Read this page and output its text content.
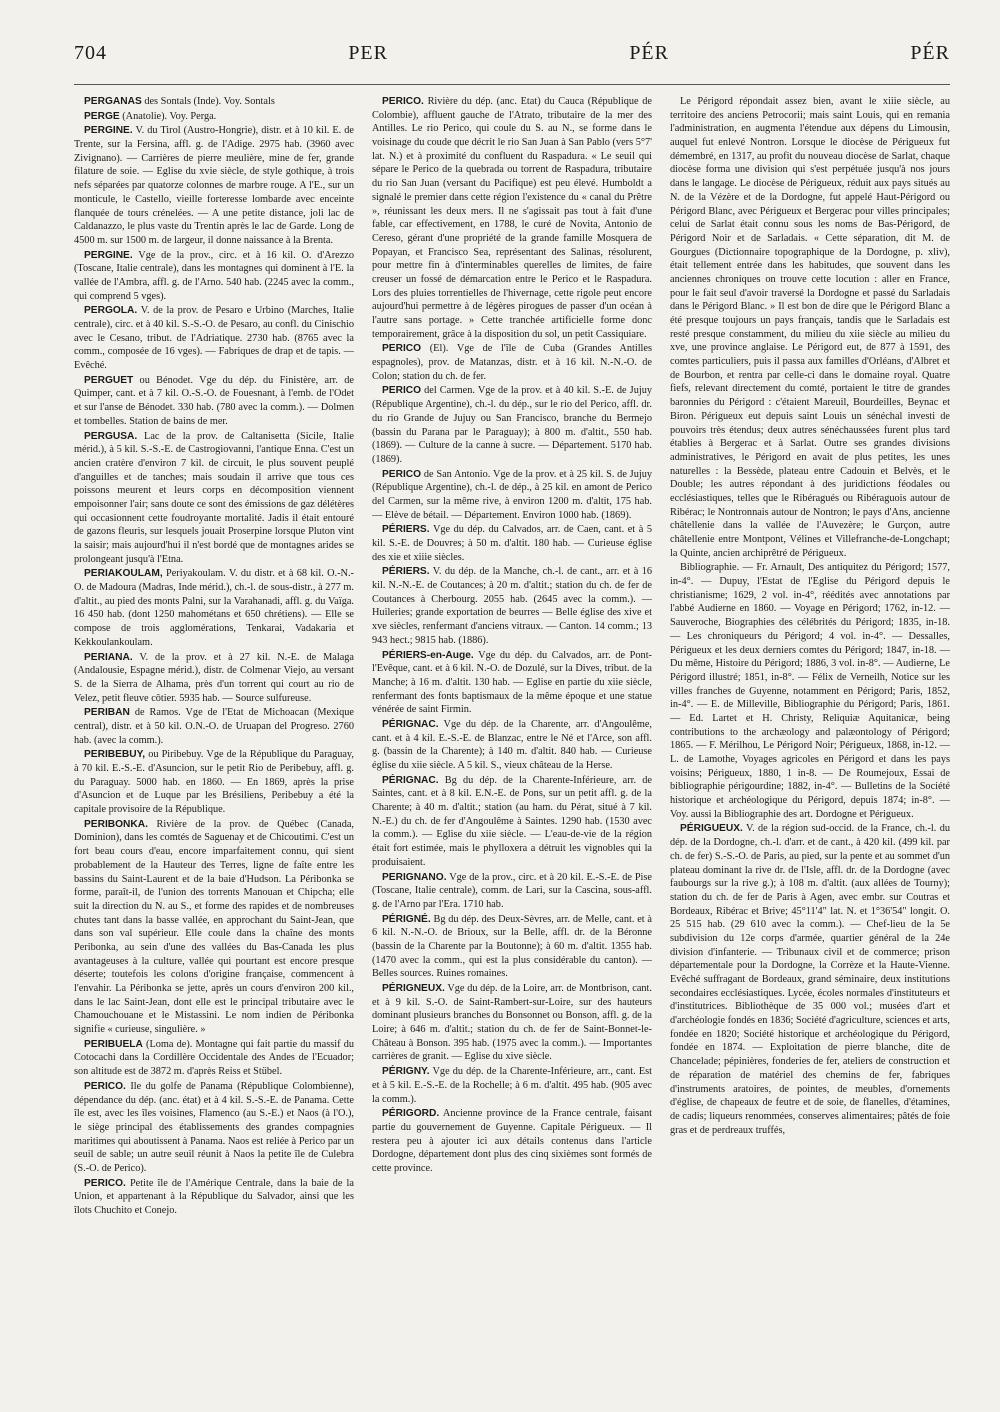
704	PER	PÉR	PÉR

PERGANAS des Sontals (Inde). Voy. Sontals

PERGE (Anatolie). Voy. Perga.

PERGINE. V. du Tirol (Austro-Hongrie), distr. et à 10 kil. E. de Trente, sur la Fersina, affl. g. de l'Adige. 2975 hab. (3960 avec Zivignano). — Carrières de pierre meulière, mine de fer, grande filature de soie. — Eglise du xvie siècle, de style gothique, à trois nefs séparées par quatorze colonnes de marbre rouge. A l'E., sur un monticule, le Castello, vieille forteresse lombarde avec enceinte flanquée de tours crénelées. — A une petite distance, joli lac de Caldanazzo, le plus vaste du Trentin après le lac de Garde. Long de 4500 m. sur 1500 m. de largeur, il donne naissance à la Brenta.

PERGINE. Vge de la prov., circ. et à 16 kil. O. d'Arezzo (Toscane, Italie centrale), dans les montagnes qui dominent à l'E. la vallée de l'Ambra, affl. g. de l'Arno. 540 hab. (2245 avec la comm., qui comprend 5 vges).

PERGOLA. V. de la prov. de Pesaro e Urbino (Marches, Italie centrale), circ. et à 40 kil. S.-S.-O. de Pesaro, au confl. du Cinischio avec le Cesano, tribut. de l'Adriatique. 2730 hab. (8765 avec la comm., composée de 16 vges). — Fabriques de drap et de tapis. — Evêché.

PERGUET ou Bénodet. Vge du dép. du Finistère, arr. de Quimper, cant. et à 7 kil. O.-S.-O. de Fouesnant, à l'emb. de l'Odet et sur l'anse de Bénodet. 330 hab. (780 avec la comm.). — Dolmen et tombelles. Station de bains de mer.

PERGUSA. Lac de la prov. de Caltanisetta (Sicile, Italie mérid.), à 5 kil. S.-S.-E. de Castrogiovanni, l'antique Enna. C'est un ancien cratère d'environ 7 kil. de circuit, le plus souvent peuplé d'anguilles et de tanches; mais soudain il arrive que tous ces poissons meurent et leurs corps en décomposition viennent empoisonner l'air; sans doute ce sont des émissions de gaz délétères qui occasionnent cette foudroyante mortalité. Jadis il était entouré de gazons fleuris, sur lesquels jouait Proserpine lorsque Pluton vint la saisir; mais aujourd'hui il n'est bordé que de montagnes arides se prolongeant jusqu'à l'Etna.

PERIAKOULAM, Periyakoulam. V. du distr. et à 68 kil. O.-N.-O. de Madoura (Madras, Inde mérid.), ch.-l. de sous-distr., à 277 m. d'altit., au pied des monts Palni, sur la Varahanadi, affl. g. du Vaïga. 16 450 hab. (dont 1250 mahométans et 650 chrétiens). — Elle se compose de trois agglomérations, Tenkarai, Vadakaria et Kekkoulankoulam.

PERIANA. V. de la prov. et à 27 kil. N.-E. de Malaga (Andalousie, Espagne mérid.), distr. de Colmenar Viejo, au versant S. de la Sierra de Alhama, près d'un torrent qui court au rio de Velez, petit fleuve côtier. 5935 hab. — Source sulfureuse.

PERIBAN de Ramos. Vge de l'Etat de Michoacan (Mexique central), distr. et à 50 kil. O.N.-O. de Uruapan del Progreso. 2760 hab. (avec la comm.).

PERIBEBUY, ou Piribebuy. Vge de la République du Paraguay, à 70 kil. E.-S.-E. d'Asuncion, sur le petit Rio de Peribebuy, affl. g. du Paraguay. 5000 hab. en 1860. — En 1869, après la prise d'Asuncion et de Luque par les Brésiliens, Peribebuy a été la capitale provisoire de la République.

PERIBONKA. Rivière de la prov. de Québec (Canada, Dominion), dans les comtés de Saguenay et de Chicoutimi. C'est un fort beau cours d'eau, encore imparfaitement connu, qui sient probablement de la Hauteur des Terres, ligne de faîte entre les bassins du Saint-Laurent et de la baie d'Hudson. La Péribonka se forme, paraît-il, de l'union des torrents Manouan et Chipcha; elle suit la direction du N. au S., et forme des rapides et de nombreuses chutes tant dans la basse vallée, en approchant du Saint-Jean, que dans son val supérieur. Elle coule dans la chaîne des monts Peribonka, au sein d'une des vallées du Bas-Canada les plus avantageuses à la culture, vallée qui pourtant est encore presque déserte; toutefois les colons d'origine française, commencent à l'envahir. La Péribonka se jette, après un cours d'environ 200 kil., dans le lac Saint-Jean, dont elle est le principal tributaire avec le Chamouchouane et le Mistassini. Le nom indien de Péribonka signifie « curieuse, singulière. »

PERIBUELA (Loma de). Montagne qui fait partie du massif du Cotocachi dans la Cordillère Occidentale des Andes de l'Ecuador; son altitude est de 3872 m. d'après Reiss et Stübel.

PERICO. Ile du golfe de Panama (République Colombienne), dépendance du dép. (anc. état) et à 4 kil. S.-S.-E. de Panama. Cette île est, avec les îles voisines, Flamenco (au S.-E.) et Naos (à l'O.), le siège principal des établissements des grandes compagnies maritimes qui aboutissent à Panama. Naos est reliée à Perico par un seuil de sable; un autre seuil réunit à Naos la petite île de Culebra (S.-O. de Perico).

PERICO. Petite île de l'Amérique Centrale, dans la baie de la Union, et appartenant à la République du Salvador, ainsi que les îlots Chuchito et Conejo.

PERICO. Rivière du dép. (anc. Etat) du Cauca (République de Colombie), affluent gauche de l'Atrato, tributaire de la mer des Antilles. Le rio Perico, qui coule du S. au N., se forme dans le voisinage du coude que décrit le rio San Juan à San Pablo (vers 5°7' lat. N.) et à proximité du confluent du Raspadura. « Le seuil qui sépare le Perico de la quebrada ou torrent de Raspadura, tributaire du rio San Juan (versant du Pacifique) est peu élevé. Humboldt a signalé le premier dans cette région l'existence du « canal du Prêtre », réunissant les deux mers. Il ne s'agissait pas tout à fait d'une fable, car effectivement, en 1788, le curé de Novita, Antonio de Cereso, gérant d'une propriété de la grande famille Mosquera de Popayan, et Francisco Sea, représentant des Salinas, résolurent, pour mettre fin à d'interminables querelles de limites, de faire creuser un fossé de démarcation entre le Perico et le Raspadura. Lors des pluies torrentielles de l'hivernage, cette rigole peut encore aujourd'hui permettre à de légères pirogues de passer d'un océan à l'autre sans portage. » Cette tranchée artificielle forme donc temporairement, grâce à la disposition du sol, un petit Cassiquiare.

PERICO (El). Vge de l'île de Cuba (Grandes Antilles espagnoles), prov. de Matanzas, distr. et à 16 kil. N.-N.-O. de Colon; station du ch. de fer.

PERICO del Carmen. Vge de la prov. et à 40 kil. S.-E. de Jujuy (République Argentine), ch.-l. du dép., sur le rio del Perico, affl. dr. du rio Grande de Jujuy ou San Francisco, branche du Bermejo (bassin du Parana par le Paraguay); à 800 m. d'altit., 550 hab. (1869). — Culture de la canne à sucre. — Département. 5170 hab. (1869).

PERICO de San Antonio. Vge de la prov. et à 25 kil. S. de Jujuy (République Argentine), ch.-l. de dép., à 25 kil. en amont de Perico del Carmen, sur la même rive, à environ 1200 m. d'altit, 175 hab. — Elève de bétail. — Département. Environ 1000 hab. (1869).

PÉRIERS. Vge du dép. du Calvados, arr. de Caen, cant. et à 5 kil. S.-E. de Douvres; à 50 m. d'altit. 180 hab. — Curieuse église des xie et xiiie siècles.

PÉRIERS. V. du dép. de la Manche, ch.-l. de cant., arr. et à 16 kil. N.-N.-E. de Coutances; à 20 m. d'altit.; station du ch. de fer de Coutances à Cherbourg. 2055 hab. (2645 avec la comm.). — Huileries; grande exportation de beurres — Belle église des xive et xve siècles, renfermant d'anciens vitraux. — Canton. 14 comm.; 13 943 hect.; 9815 hab. (1886).

PÉRIERS-en-Auge. Vge du dép. du Calvados, arr. de Pont-l'Evêque, cant. et à 6 kil. N.-O. de Dozulé, sur la Dives, tribut. de la Manche; à 16 m. d'altit. 130 hab. — Eglise en partie du xiie siècle, renfermant des fonts baptismaux de la même époque et une statue vénérée de saint Firmin.

PÉRIGNAC. Vge du dép. de la Charente, arr. d'Angoulême, cant. et à 4 kil. E.-S.-E. de Blanzac, entre le Né et l'Arce, son affl. g. (bassin de la Charente); à 140 m. d'altit. 840 hab. — Curieuse église du xiie siècle. A 5 kil. S., vieux château de la Herse.

PÉRIGNAC. Bg du dép. de la Charente-Inférieure, arr. de Saintes, cant. et à 8 kil. E.N.-E. de Pons, sur un petit affl. g. de la Charente; à 40 m. d'altit.; station (au ham. du Pérat, situé à 7 kil. N.-E.) du ch. de fer d'Angoulême à Saintes. 1290 hab. (1530 avec la comm.). — Eglise du xiie siècle. — L'eau-de-vie de la région était fort estimée, mais le phylloxera a détruit les vignobles qui la produisaient.

PERIGNANO. Vge de la prov., circ. et à 20 kil. E.-S.-E. de Pise (Toscane, Italie centrale), comm. de Lari, sur la Cascina, sous-affl. g. de l'Arno par l'Era. 1710 hab.

PÉRIGNÉ. Bg du dép. des Deux-Sèvres, arr. de Melle, cant. et à 6 kil. N.-N.-O. de Brioux, sur la Belle, affl. dr. de la Béronne (bassin de la Charente par la Boutonne); à 60 m. d'altit. 1355 hab. (1470 avec la comm., qui est la plus considérable du canton). — Belles sources. Ruines romaines.

PÉRIGNEUX. Vge du dép. de la Loire, arr. de Montbrison, cant. et à 9 kil. S.-O. de Saint-Rambert-sur-Loire, sur des hauteurs dominant plusieurs branches du Bonsonnet ou Bonson, affl. g. de la Loire; à 646 m. d'altit.; station du ch. de fer de Saint-Bonnet-le-Château à Bonson. 395 hab. (1975 avec la comm.). — Importantes carrières de granit. — Eglise du xive siècle.

PÉRIGNY. Vge du dép. de la Charente-Inférieure, arr., cant. Est et à 5 kil. E.-S.-E. de la Rochelle; à 6 m. d'altit. 495 hab. (905 avec la comm.).

PÉRIGORD. Ancienne province de la France centrale, faisant partie du gouvernement de Guyenne. Capitale Périgueux. — Il restera peu à ajouter ici aux détails contenus dans l'article Dordogne, département dont plus des cinq sixièmes sont formés de cette province.

Le Périgord répondait assez bien, avant le xiiie siècle, au territoire des anciens Petrocorii; mais saint Louis, qui en remania l'administration, en augmenta l'étendue aux dépens du Limousin, auquel fut enlevé Nontron. Lorsque le diocèse de Périgueux fut démembré, en 1317, au profit du nouveau diocèse de Sarlat, chaque diocèse forma une division qui s'est perpétuée jusqu'à nos jours dans le langage. Le diocèse de Périgueux, réduit aux pays situés au N. de la Vézère et de la Dordogne, fut appelé Haut-Périgord ou Périgord Blanc, avec Périgueux et Bergerac pour villes principales; celui de Sarlat était connu sous les noms de Bas-Périgord, de Périgord Noir et de Sarladais. « Cette séparation, dit M. de Gourgues (Dictionnaire topographique de la Dordogne, p. xliv), était tellement entrée dans les habitudes, que souvent dans les anciennes chroniques on trouve cette locution : aller en France, pour le fait seul d'avoir traversé la Dordogne et passé du Sarladais dans le Périgord Blanc. » Il est bon de dire que le Périgord Blanc a été presque toujours un pays français, tandis que le Sarladais est resté presque constamment, du milieu du xiie siècle au milieu du xve, une province anglaise. Le Périgord eut, de 877 à 1591, des comtes particuliers, puis il passa aux familles d'Orléans, d'Albret et de Bourbon, et rentra par celle-ci dans le domaine royal. Quatre fiefs, relevant directement du comté, portaient le titre de grandes baronnies du Périgord : c'étaient Mareuil, Bourdeilles, Beynac et Biron. Périgueux eut depuis saint Louis un sénéchal investi de pouvoirs très étendus; deux autres sénéchaussées furent plus tard établies à Bergerac et à Sarlat. Outre ses grandes divisions administratives, le Périgord en avait de plus petites, les unes naturelles : la Bessède, plateau entre Cadouin et Belvès, et le Double; les autres répondant à des juridictions féodales ou ecclésiastiques, telles que le Ribéragués ou Ribéraguois autour de Ribérac; le Nontronnais autour de Nontron; le pays d'Ans, ancienne châtellenie dans la vallée de l'Auvezère; le Gurçon, autre châtellenie entre Montpont, Vélines et Villefranche-de-Longchapt; la Quinte, ancien archiprêtré de Périgueux.

Bibliographie. — Fr. Arnault, Des antiquitez du Périgord; 1577, in-4°. — Dupuy, l'Estat de l'Eglise du Périgord depuis le christianisme; 1629, 2 vol. in-4°, réédités avec annotations par l'abbé Audierne en 1860. — Voyage en Périgord; 1762, in-12. — Sauveroche, Biographies des célébrités du Périgord; 1835, in-18. — Les chroniqueurs du Périgord; 4 vol. in-4°. — Dessalles, Périgueux et les deux derniers comtes du Périgord; 1847, in-18. — Du même, Histoire du Périgord; 1886, 3 vol. in-8°. — Audierne, Le Périgord illustré; 1851, in-8°. — Félix de Verneilh, Notice sur les villes franches de Guyenne, notamment en Périgord; Paris, 1852, in-4°. — E. de Milleville, Bibliographie du Périgord; Paris, 1861. — Ed. Lartet et H. Christy, Reliquiæ Aquitanicæ, being contributions to the archæology and palæontology of Périgord; 1865. — F. Mérilhou, Le Périgord Noir; Périgueux, 1868, in-12. — L. de Lamothe, Voyages agricoles en Périgord et dans les pays voisins; Périgueux, 1880, 1 in-8. — De Roumejoux, Essai de bibliographie périgourdine; 1882, in-4°. — Bulletins de la Société historique et archéologique du Périgord, depuis 1874; in-8°. — Voy. aussi la Bibliographie des art. Dordogne et Périgueux.

PÉRIGUEUX. V. de la région sud-occid. de la France, ch.-l. du dép. de la Dordogne, ch.-l. d'arr. et de cant., à 420 kil. (499 kil. par ch. de fer) S.-S.-O. de Paris, au pied, sur la pente et au sommet d'un plateau dominant la rive dr. de l'Isle, affl. dr. de la Dordogne (avec faubourgs sur la rive g.); à 108 m. d'altit. (aux allées de Tourny); station du ch. de fer de Paris à Agen, avec embr. sur Coutras et Bordeaux, Ribérac et Brive; 45°11'4" lat. N. et 1°36'54" longit. O. 25 515 hab. (29 610 avec la comm.). — Chef-lieu de la 5e subdivision du 12e corps d'armée, quartier général de la 24e division d'infanterie. — Tribunaux civil et de commerce; prison départementale pour la Dordogne, la Corrèze et la Haute-Vienne. Evêché suffragant de Bordeaux, grand séminaire, deux institutions secondaires ecclésiastiques. Lycée, écoles normales d'instituteurs et d'institutrices. Bibliothèque de 35 000 vol.; musées d'art et d'archéologie fondés en 1836; Société d'agriculture, sciences et arts, fondée en 1820; Société historique et archéologique du Périgord, fondée en 1874. — Exploitation de pierre blanche, dite de Chancelade; pépinières, fonderies de fer, ateliers de construction et de réparation de matériel des chemins de fer, fabriques d'instruments aratoires, de pointes, de meubles, d'ornements d'église, de chapeaux de feutre et de soie, de flanelles, d'étamines, de cadis; liqueurs renommées, conserves alimentaires; pâtés de foie gras et de perdreaux truffés,
